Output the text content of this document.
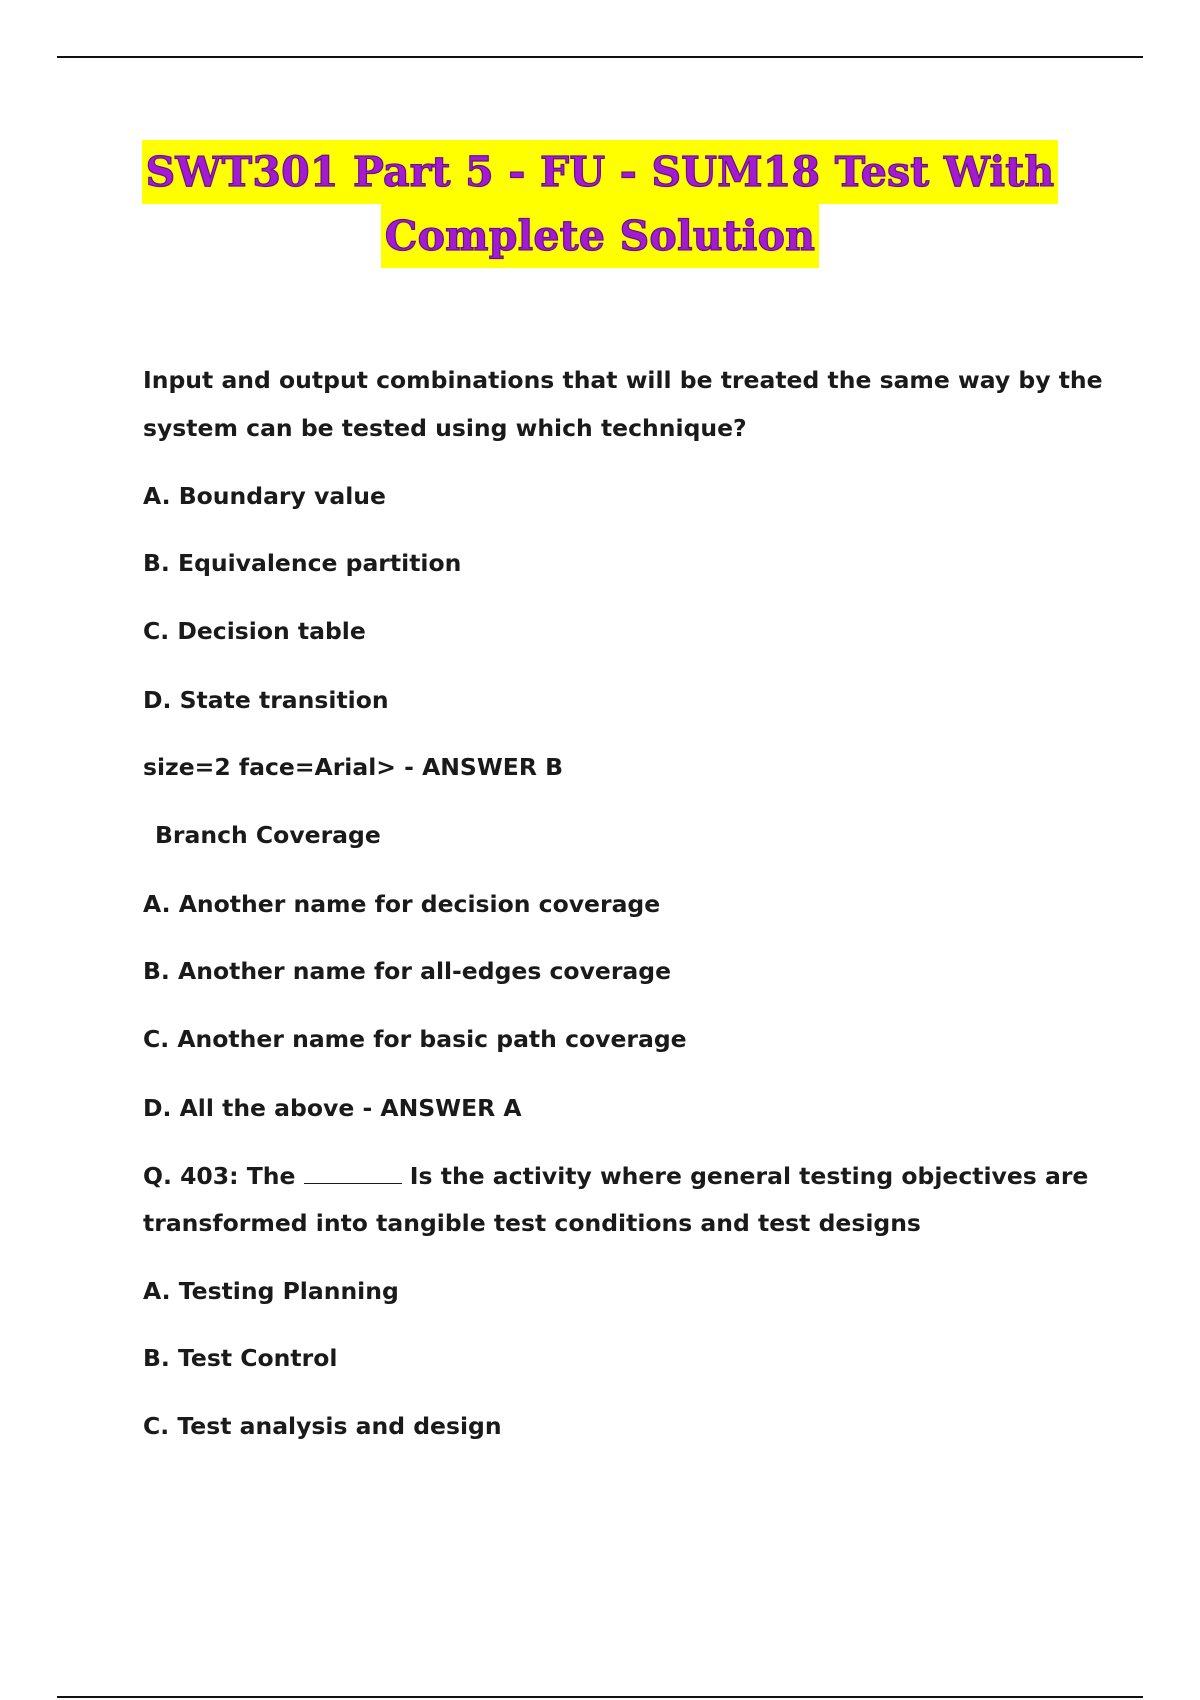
SWT301 Part 5 - FU - SUM18 Test With
Complete Solution
Input and output combinations that will be treated the same way by the
system can be tested using which technique?
A. Boundary value
B. Equivalence partition
C. Decision table
D. State transition
size=2 face=Arial> - ANSWER B
Branch Coverage
A. Another name for decision coverage
B. Another name for all-edges coverage
C. Another name for basic path coverage
D. All the above - ANSWER A
Q. 403: The	Is the activity where general testing objectives are
transformed into tangible test conditions and test designs
A. Testing Planning
B. Test Control
C. Test analysis and design
